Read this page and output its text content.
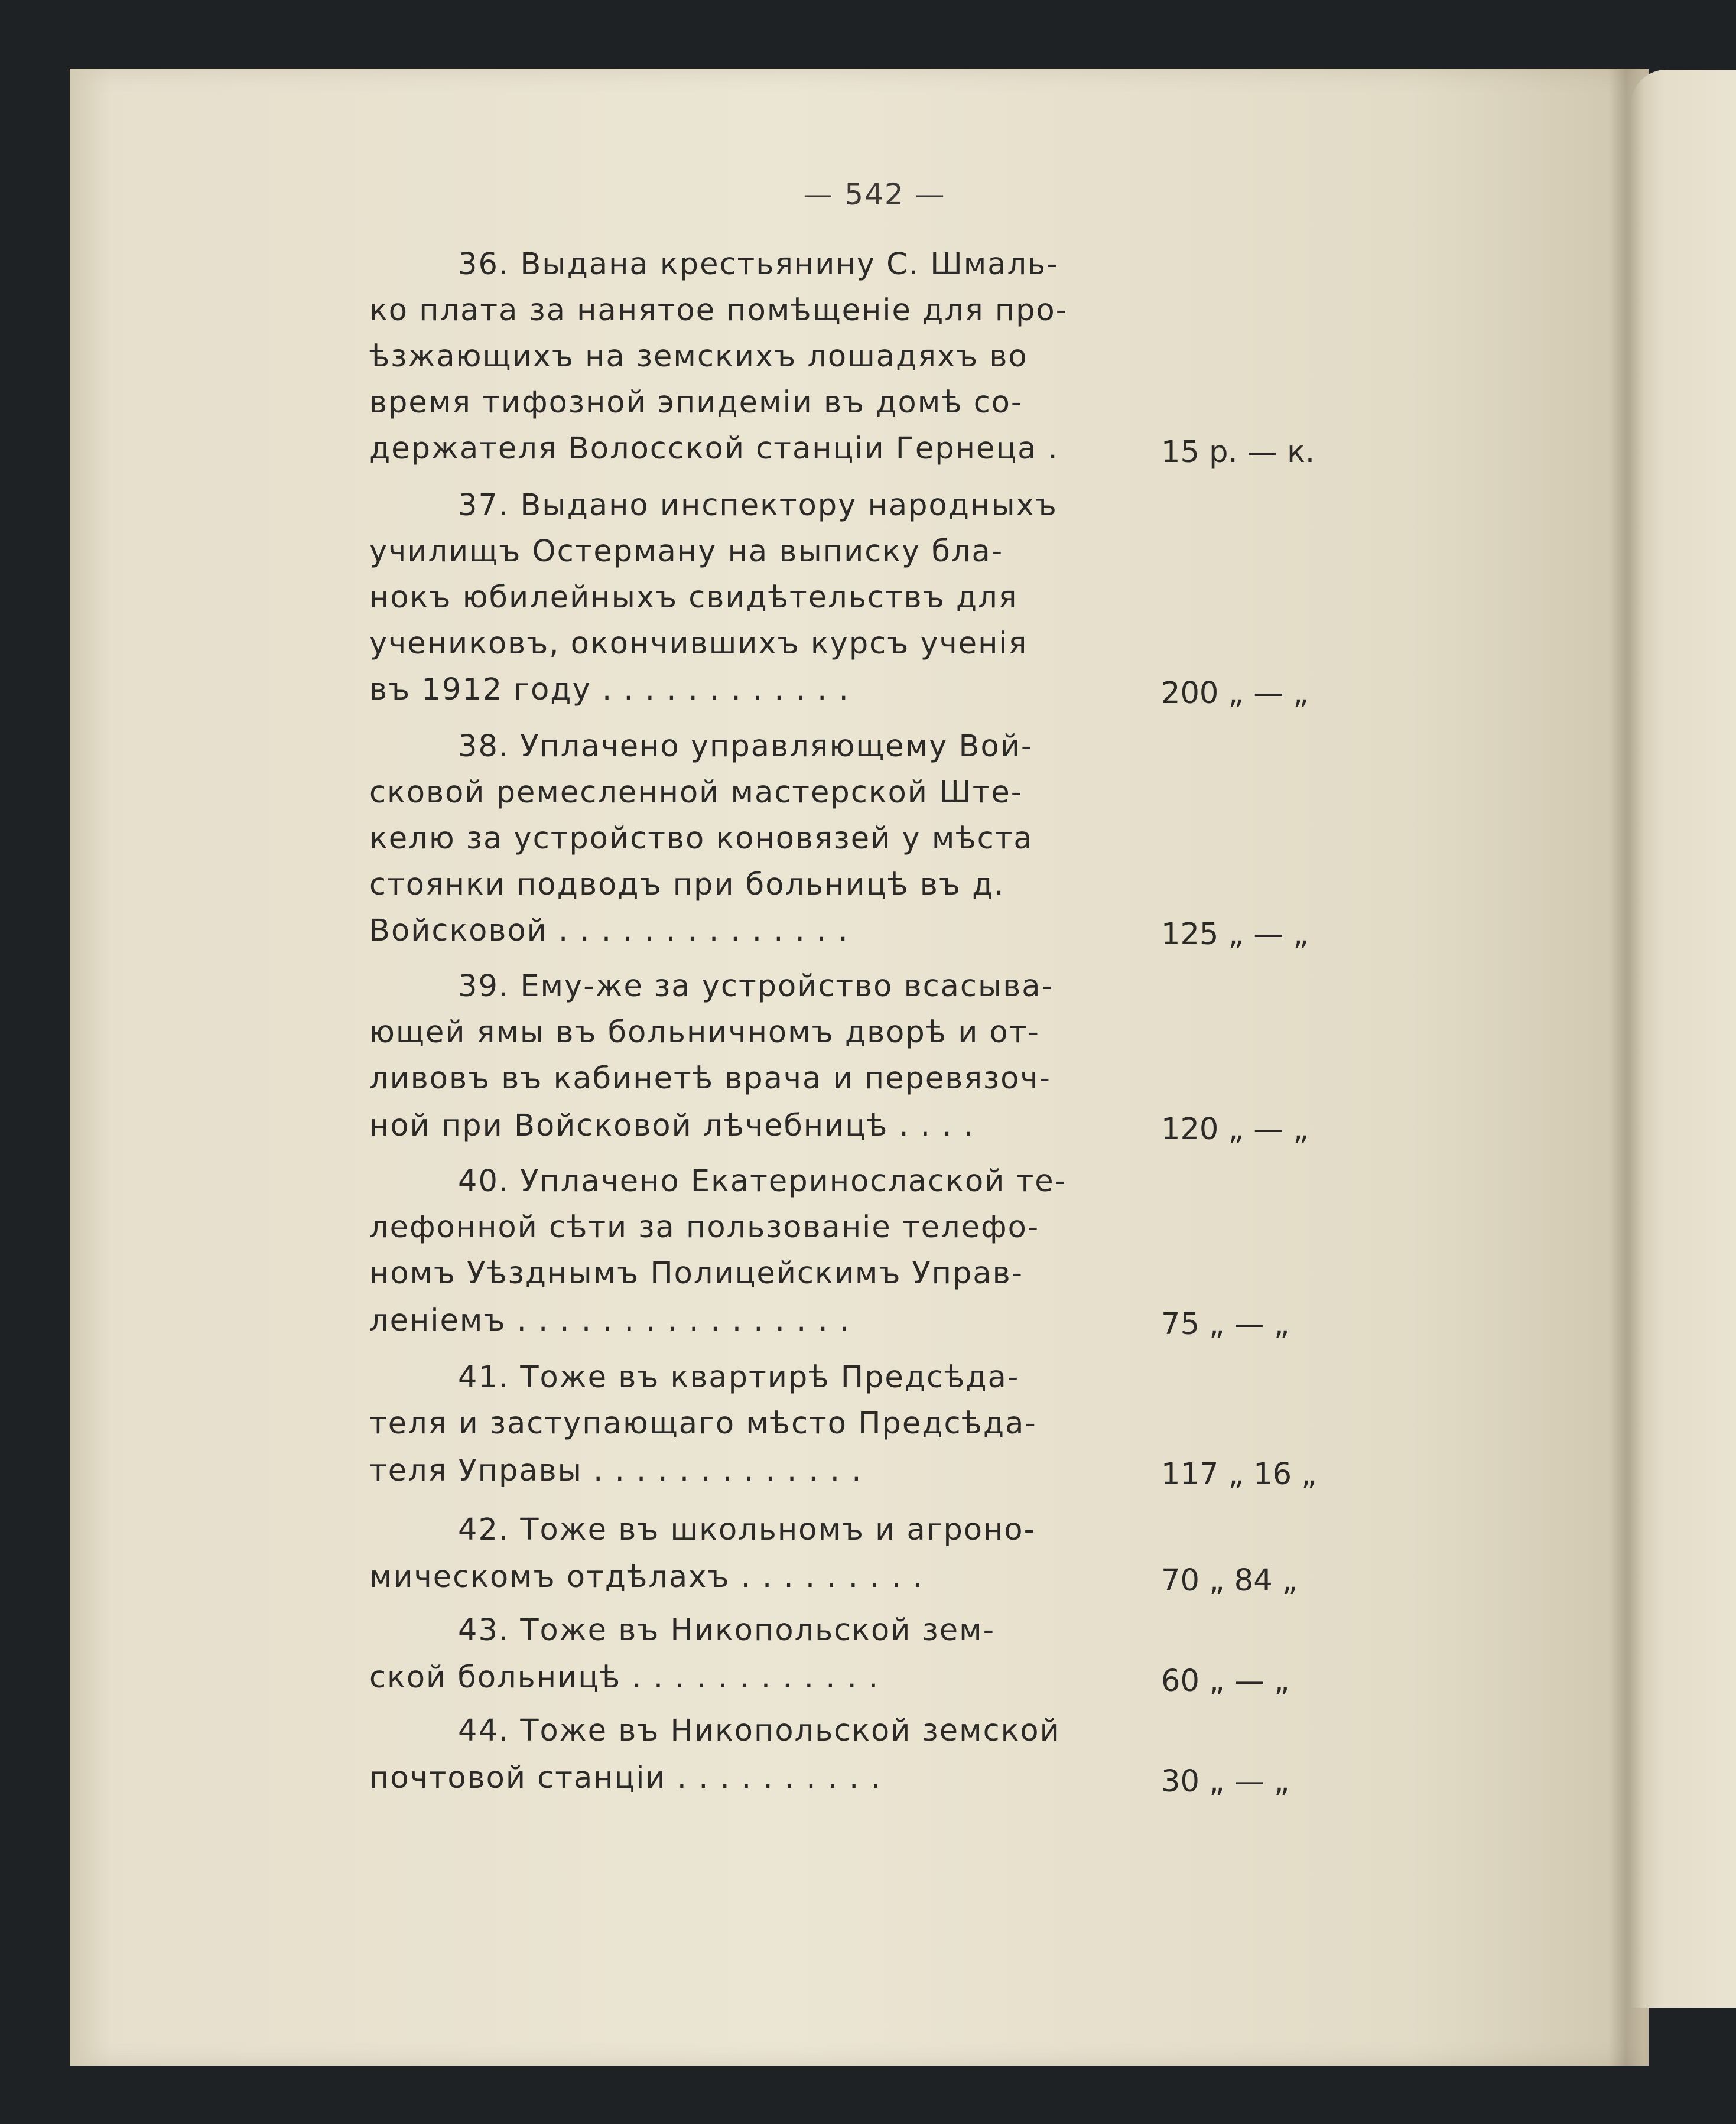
— 542 —
36. Выдана крестьянину С. Шмаль-
ко плата за нанятое помѣщеніе для про-
ѣзжающихъ на земскихъ лошадяхъ во
время тифозной эпидеміи въ домѣ со-
держателя Волосской станціи Гернеца .	15 р. — к.
37. Выдано инспектору народныхъ
училищъ Остерману на выписку бла-
нокъ юбилейныхъ свидѣтельствъ для
учениковъ, окончившихъ курсъ ученія
въ 1912 году . . . . . . . . . . . .	200 „ — „
38. Уплачено управляющему Вой-
сковой ремесленной мастерской Ште-
келю за устройство коновязей у мѣста
стоянки подводъ при больницѣ въ д.
Войсковой . . . . . . . . . . . . . .	125 „ — „
39. Ему-же за устройство всасыва-
ющей ямы въ больничномъ дворѣ и от-
ливовъ въ кабинетѣ врача и перевязоч-
ной при Войсковой лѣчебницѣ . . . .	120 „ — „
40. Уплачено Екатеринослаской те-
лефонной сѣти за пользованіе телефо-
номъ Уѣзднымъ Полицейскимъ Управ-
леніемъ . . . . . . . . . . . . . . . .	75 „ — „
41. Тоже въ квартирѣ Предсѣда-
теля и заступающаго мѣсто Предсѣда-
теля Управы . . . . . . . . . . . . .	117 „ 16 „
42. Тоже въ школьномъ и агроно-
мическомъ отдѣлахъ . . . . . . . . .	70 „ 84 „
43. Тоже въ Никопольской зем-
ской больницѣ . . . . . . . . . . . .	60 „ — „
44. Тоже въ Никопольской земской
почтовой станціи . . . . . . . . . .	30 „ — „
